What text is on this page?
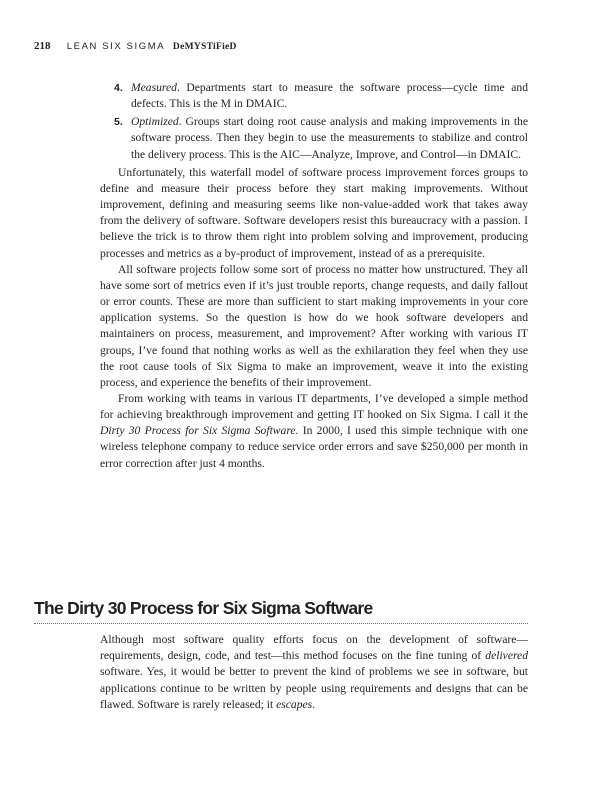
218 LEAN SIX SIGMA DeMYSTiFieD
4. Measured. Departments start to measure the software process—cycle time and defects. This is the M in DMAIC.
5. Optimized. Groups start doing root cause analysis and making improvements in the software process. Then they begin to use the measurements to stabilize and control the delivery process. This is the AIC—Analyze, Improve, and Control—in DMAIC.

Unfortunately, this waterfall model of software process improvement forces groups to define and measure their process before they start making improvements. Without improvement, defining and measuring seems like non-value-added work that takes away from the delivery of software. Software developers resist this bureaucracy with a passion. I believe the trick is to throw them right into problem solving and improvement, producing processes and metrics as a by-product of improvement, instead of as a prerequisite.

All software projects follow some sort of process no matter how unstructured. They all have some sort of metrics even if it’s just trouble reports, change requests, and daily fallout or error counts. These are more than sufficient to start making improvements in your core application systems. So the question is how do we hook software developers and maintainers on process, measurement, and improvement? After working with various IT groups, I’ve found that nothing works as well as the exhilaration they feel when they use the root cause tools of Six Sigma to make an improvement, weave it into the existing process, and experience the benefits of their improvement.

From working with teams in various IT departments, I’ve developed a simple method for achieving breakthrough improvement and getting IT hooked on Six Sigma. I call it the Dirty 30 Process for Six Sigma Software. In 2000, I used this simple technique with one wireless telephone company to reduce service order errors and save $250,000 per month in error correction after just 4 months.

The Dirty 30 Process for Six Sigma Software

Although most software quality efforts focus on the development of software—requirements, design, code, and test—this method focuses on the fine tuning of delivered software. Yes, it would be better to prevent the kind of problems we see in software, but applications continue to be written by people using requirements and designs that can be flawed. Software is rarely released; it escapes.
